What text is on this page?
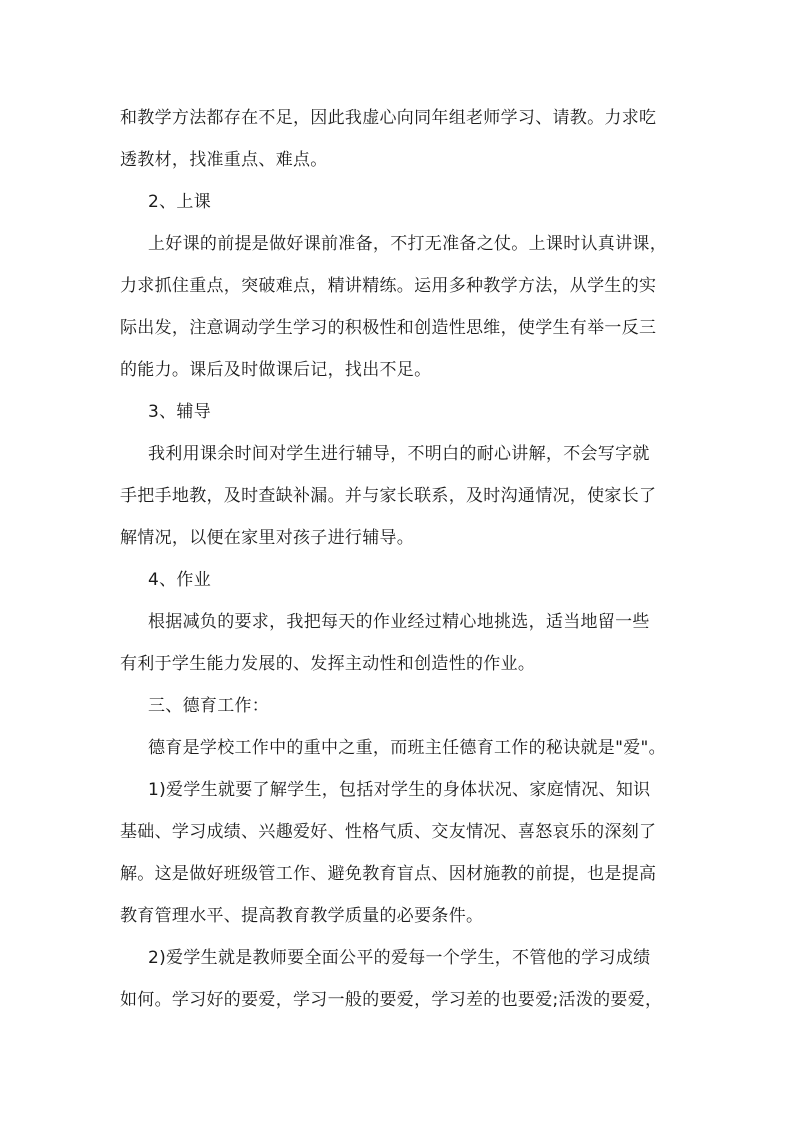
和教学方法都存在不足，因此我虚心向同年组老师学习、请教。力求吃
透教材，找准重点、难点。
2、上课
上好课的前提是做好课前准备，不打无准备之仗。上课时认真讲课，
力求抓住重点，突破难点，精讲精练。运用多种教学方法，从学生的实
际出发，注意调动学生学习的积极性和创造性思维，使学生有举一反三
的能力。课后及时做课后记，找出不足。
3、辅导
我利用课余时间对学生进行辅导，不明白的耐心讲解，不会写字就
手把手地教，及时查缺补漏。并与家长联系，及时沟通情况，使家长了
解情况，以便在家里对孩子进行辅导。
4、作业
根据减负的要求，我把每天的作业经过精心地挑选，适当地留一些
有利于学生能力发展的、发挥主动性和创造性的作业。
三、德育工作：
德育是学校工作中的重中之重，而班主任德育工作的秘诀就是"爱"。
1)爱学生就要了解学生，包括对学生的身体状况、家庭情况、知识
基础、学习成绩、兴趣爱好、性格气质、交友情况、喜怒哀乐的深刻了
解。这是做好班级管工作、避免教育盲点、因材施教的前提，也是提高
教育管理水平、提高教育教学质量的必要条件。
2)爱学生就是教师要全面公平的爱每一个学生，不管他的学习成绩
如何。学习好的要爱，学习一般的要爱，学习差的也要爱;活泼的要爱，
